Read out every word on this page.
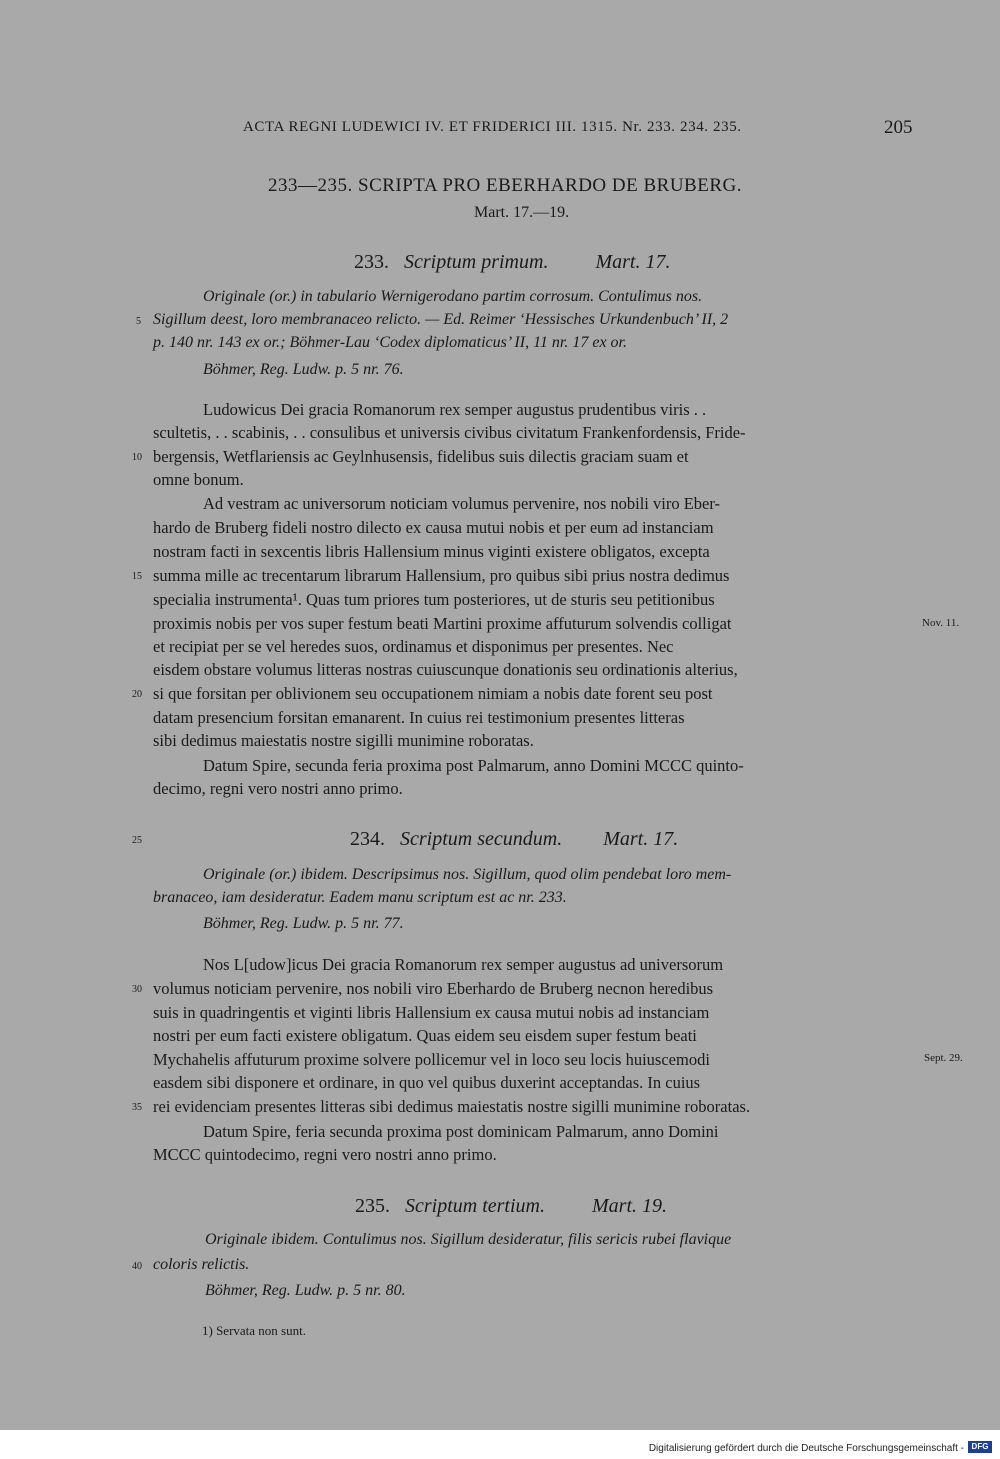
ACTA REGNI LUDEWICI IV. ET FRIDERICI III. 1315. Nr. 233. 234. 235.	205
233—235. SCRIPTA PRO EBERHARDO DE BRUBERG.
Mart. 17.—19.
233. Scriptum primum. Mart. 17.
Originale (or.) in tabulario Wernigerodano partim corrosum. Contulimus nos.
Sigillum deest, loro membranaceo relicto. — Ed. Reimer ‘Hessisches Urkundenbuch’ II, 2
p. 140 nr. 143 ex or.; Böhmer-Lau ‘Codex diplomaticus’ II, 11 nr. 17 ex or.
Böhmer, Reg. Ludw. p. 5 nr. 76.
Ludowicus Dei gracia Romanorum rex semper augustus prudentibus viris . .
scultetis, . . scabinis, . . consulibus et universis civibus civitatum Frankenfordensis, Fride-
bergensis, Wetflariensis ac Geylnhusensis, fidelibus suis dilectis graciam suam et
omne bonum.
Ad vestram ac universorum noticiam volumus pervenire, nos nobili viro Eber-
hardo de Bruberg fideli nostro dilecto ex causa mutui nobis et per eum ad instanciam
nostram facti in sexcentis libris Hallensium minus viginti existere obligatos, excepta
summa mille ac trecentarum librarum Hallensium, pro quibus sibi prius nostra dedimus
specialia instrumenta¹. Quas tum priores tum posteriores, ut de sturis seu petitionibus
proximis nobis per vos super festum beati Martini proxime affuturum solvendis colligat
et recipiat per se vel heredes suos, ordinamus et disponimus per presentes. Nec
eisdem obstare volumus litteras nostras cuiuscunque donationis seu ordinationis alterius,
si que forsitan per oblivionem seu occupationem nimiam a nobis date forent seu post
datam presencium forsitan emanarent. In cuius rei testimonium presentes litteras
sibi dedimus maiestatis nostre sigilli munimine roboratas.
Datum Spire, secunda feria proxima post Palmarum, anno Domini MCCC quinto-
decimo, regni vero nostri anno primo.
Nov. 11.
234. Scriptum secundum. Mart. 17.
Originale (or.) ibidem. Descripsimus nos. Sigillum, quod olim pendebat loro mem-
branaceo, iam desideratur. Eadem manu scriptum est ac nr. 233.
Böhmer, Reg. Ludw. p. 5 nr. 77.
Nos L[udow]icus Dei gracia Romanorum rex semper augustus ad universorum
volumus noticiam pervenire, nos nobili viro Eberhardo de Bruberg necnon heredibus
suis in quadringentis et viginti libris Hallensium ex causa mutui nobis ad instanciam
nostri per eum facti existere obligatum. Quas eidem seu eisdem super festum beati
Mychahelis affuturum proxime solvere pollicemur vel in loco seu locis huiuscemodi
easdem sibi disponere et ordinare, in quo vel quibus duxerint acceptandas. In cuius
rei evidenciam presentes litteras sibi dedimus maiestatis nostre sigilli munimine roboratas.
Datum Spire, feria secunda proxima post dominicam Palmarum, anno Domini
MCCC quintodecimo, regni vero nostri anno primo.
Sept. 29.
235. Scriptum tertium. Mart. 19.
Originale ibidem. Contulimus nos. Sigillum desideratur, filis sericis rubei flavique
coloris relictis.
Böhmer, Reg. Ludw. p. 5 nr. 80.
1) Servata non sunt.
5
10
15
20
25
30
35
40
Digitalisierung gefördert durch die Deutsche Forschungsgemeinschaft - DFG
